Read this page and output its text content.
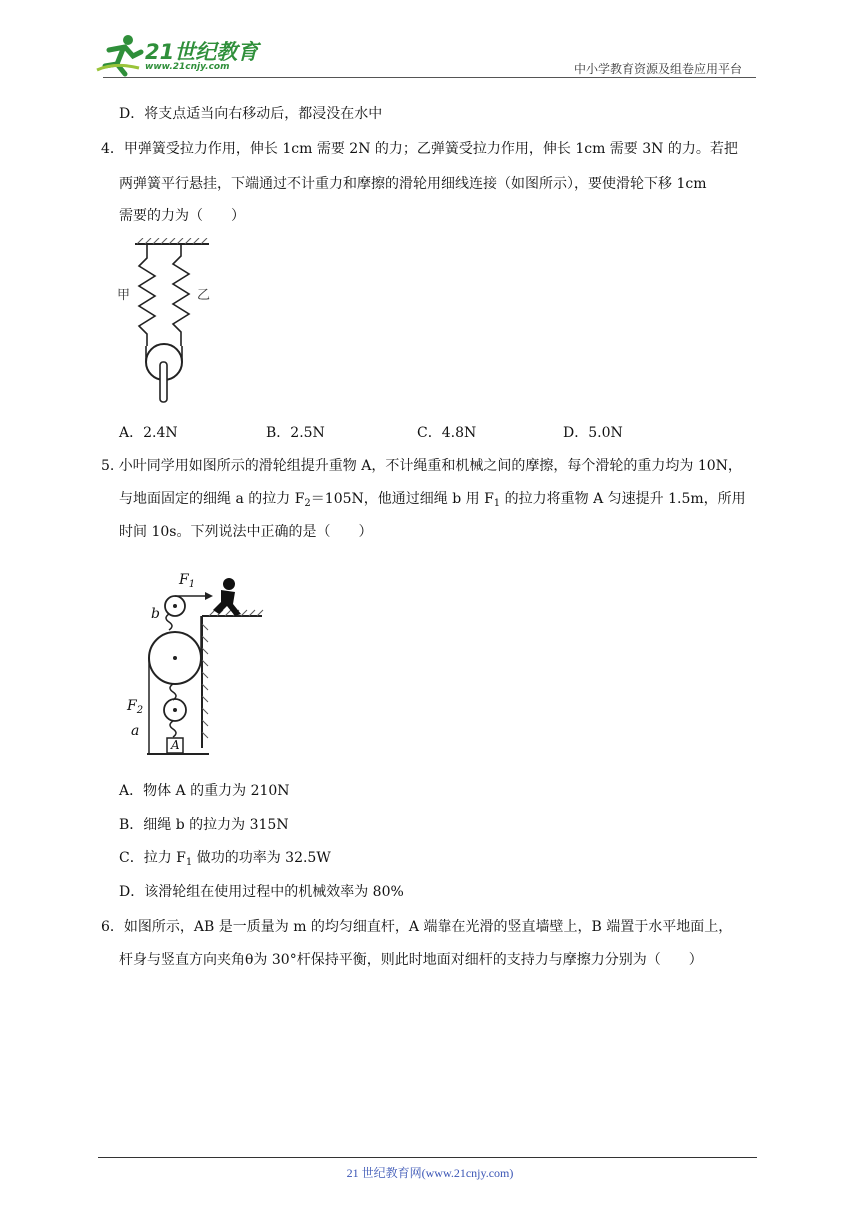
21世纪教育
www.21cnjy.com	中小学教育资源及组卷应用平台
D．将支点适当向右移动后，都浸没在水中
4．甲弹簧受拉力作用，伸长 1cm 需要 2N 的力；乙弹簧受拉力作用，伸长 1cm 需要 3N 的力。若把
两弹簧平行悬挂，下端通过不计重力和摩擦的滑轮用细线连接（如图所示），要使滑轮下移 1cm
需要的力为（　　）
甲	乙
A．2.4N	B．2.5N	C．4.8N	D．5.0N
5. 小叶同学用如图所示的滑轮组提升重物 A，不计绳重和机械之间的摩擦，每个滑轮的重力均为 10N，
与地面固定的细绳 a 的拉力 $F_2=105N$，他通过细绳 b 用 $F_1$ 的拉力将重物 A 匀速提升 1.5m，所用
时间 10s。下列说法中正确的是（　　）
$F_1$
b
$F_2$
a
A
A．物体 A 的重力为 210N
B．细绳 b 的拉力为 315N
C．拉力 $F_1$ 做功的功率为 32.5W
D．该滑轮组在使用过程中的机械效率为 80%
6．如图所示，AB 是一质量为 m 的均匀细直杆，A 端靠在光滑的竖直墙壁上，B 端置于水平地面上，
杆身与竖直方向夹角θ为 30°杆保持平衡，则此时地面对细杆的支持力与摩擦力分别为（　　）
21 世纪教育网(www.21cnjy.com)
